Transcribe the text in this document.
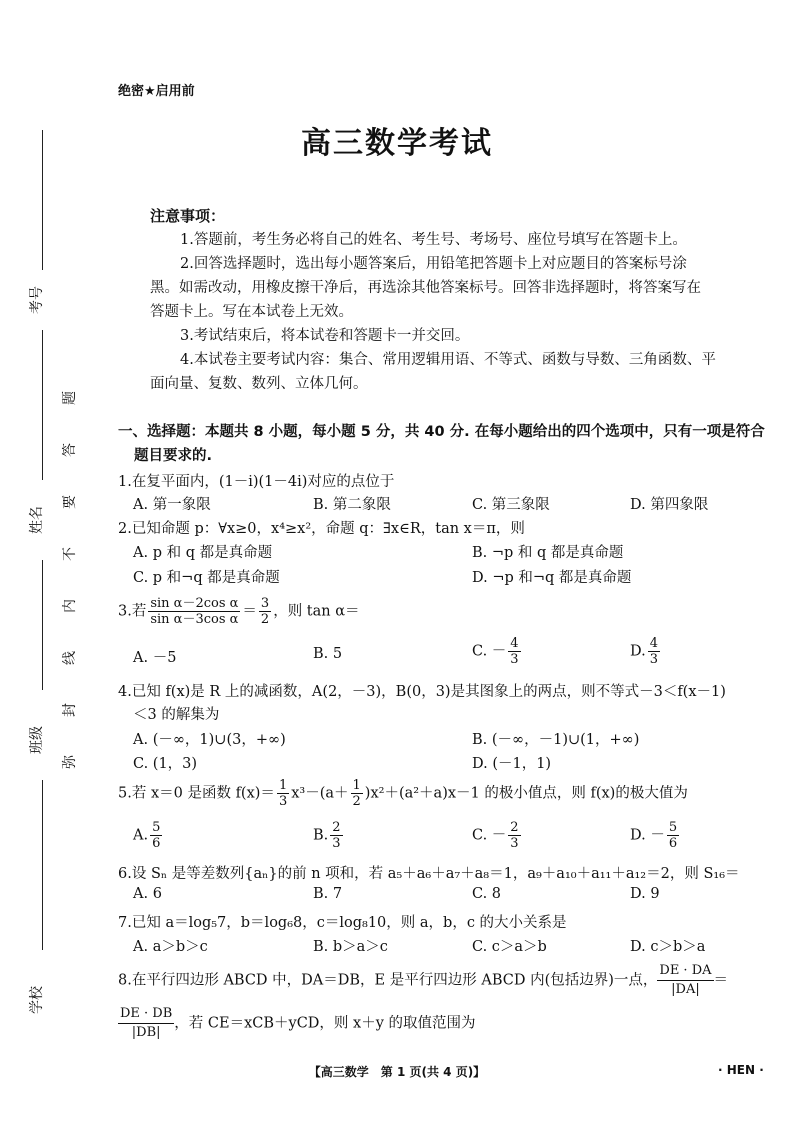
考号
姓名
班级
学校
题
答
要
不
内
线
封
弥
绝密★启用前
高三数学考试
注意事项：
1.答题前，考生务必将自己的姓名、考生号、考场号、座位号填写在答题卡上。
2.回答选择题时，选出每小题答案后，用铅笔把答题卡上对应题目的答案标号涂
黑。如需改动，用橡皮擦干净后，再选涂其他答案标号。回答非选择题时，将答案写在
答题卡上。写在本试卷上无效。
3.考试结束后，将本试卷和答题卡一并交回。
4.本试卷主要考试内容：集合、常用逻辑用语、不等式、函数与导数、三角函数、平
面向量、复数、数列、立体几何。
一、选择题：本题共 8 小题，每小题 5 分，共 40 分. 在每小题给出的四个选项中，只有一项是符合
题目要求的.
1.在复平面内，(1－i)(1－4i)对应的点位于
A. 第一象限	B. 第二象限	C. 第三象限	D. 第四象限
2.已知命题 p：∀x≥0，x⁴≥x²，命题 q：∃x∈R，tan x＝π，则
A. p 和 q 都是真命题	B. ¬p 和 q 都是真命题
C. p 和¬q 都是真命题	D. ¬p 和¬q 都是真命题
3.若 $\frac{\text{sin α－2cos α}}{\text{sin α－3cos α}} = \frac{3}{2}$ ，则 tan α＝
A. －5	B. 5	C. － $\frac{4}{3}$	D. $\frac{4}{3}$
4.已知 f(x)是 R 上的减函数，A(2，－3)，B(0，3)是其图象上的两点，则不等式－3＜f(x－1)
＜3 的解集为
A. (－∞，1)∪(3，+∞)	B. (－∞，－1)∪(1，+∞)
C. (1，3)	D. (－1，1)
5.若 x＝0 是函数 $f(x)= \frac{1}{3} x^3-(a+ \frac{1}{2} )x^2+(a^2+a)x-1$ 的极小值点，则 f(x)的极大值为
A. $\frac{5}{6}$	B. $\frac{2}{3}$	C. － $\frac{2}{3}$	D. － $\frac{5}{6}$
6.设 Sₙ 是等差数列{aₙ}的前 n 项和，若 a₅＋a₆＋a₇＋a₈＝1，a₉＋a₁₀＋a₁₁＋a₁₂＝2，则 S₁₆＝
A. 6	B. 7	C. 8	D. 9
7.已知 a＝log₅7，b＝log₆8，c＝log₈10，则 a，b，c 的大小关系是
A. a＞b＞c	B. b＞a＞c	C. c＞a＞b	D. c＞b＞a
8.在平行四边形 ABCD 中，DA＝DB，E 是平行四边形 ABCD 内(包括边界)一点， $\frac{DE \cdot DA}{|DA|}$ ＝
$\frac{DE \cdot DB}{|DB|}$ ，若 CE＝xCB＋yCD，则 x＋y 的取值范围为
【高三数学　第 1 页(共 4 页)】	· HEN ·
